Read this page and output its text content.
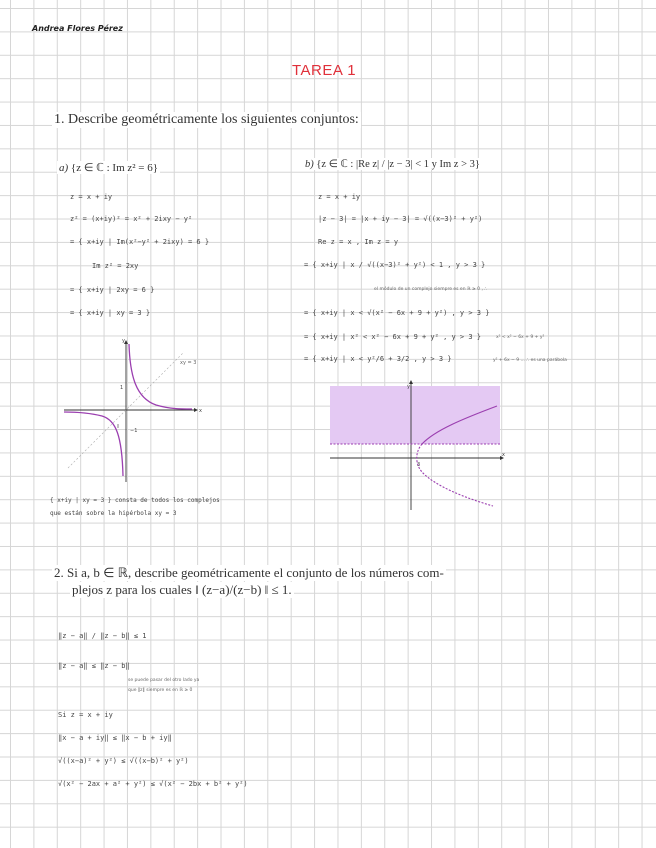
Andrea Flores Pérez
TAREA 1
1. Describe geométricamente los siguientes conjuntos:
a) {z ∈ ℂ : Im z² = 6}
z = x + iy
z² = (x+iy)² = x² + 2ixy − y²
= { x+iy | Im(x²−y² + 2ixy) = 6 }
Im z² = 2xy
= { x+iy | 2xy = 6 }
= { x+iy | xy = 3 }
xy = 3
1
−1
x
y
{ x+iy | xy = 3 } consta de todos los complejos
que están sobre la hipérbola xy = 3
b) {z ∈ ℂ : |Re z| / |z − 3| < 1 y Im z > 3}
z = x + iy
|z − 3| = |x + iy − 3| = √((x−3)² + y²)
Re z = x , Im z = y
= { x+iy | x / √((x−3)² + y²) < 1 , y > 3 }
el módulo de un complejo siempre es en ℝ ≥ 0 , ∴
= { x+iy | x < √(x² − 6x + 9 + y²) , y > 3 }
= { x+iy | x² < x² − 6x + 9 + y² , y > 3 }	x² < x² − 6x + 9 + y²
= { x+iy | x < y²/6 + 3/2 , y > 3 }	y² + 6x − 9 ... ∴ es una parábola
3
x
y
2. Si a, b ∈ ℝ, describe geométricamente el conjunto de los números com-
plejos z para los cuales ‖ (z−a)/(z−b) ‖ ≤ 1.
‖z − a‖ / ‖z − b‖ ≤ 1
‖z − a‖ ≤ ‖z − b‖
se puede pasar del otro lado ya
que ‖z‖ siempre es en ℝ ≥ 0
Si z = x + iy
‖x − a + iy‖ ≤ ‖x − b + iy‖
√((x−a)² + y²) ≤ √((x−b)² + y²)
√(x² − 2ax + a² + y²) ≤ √(x² − 2bx + b² + y²)
